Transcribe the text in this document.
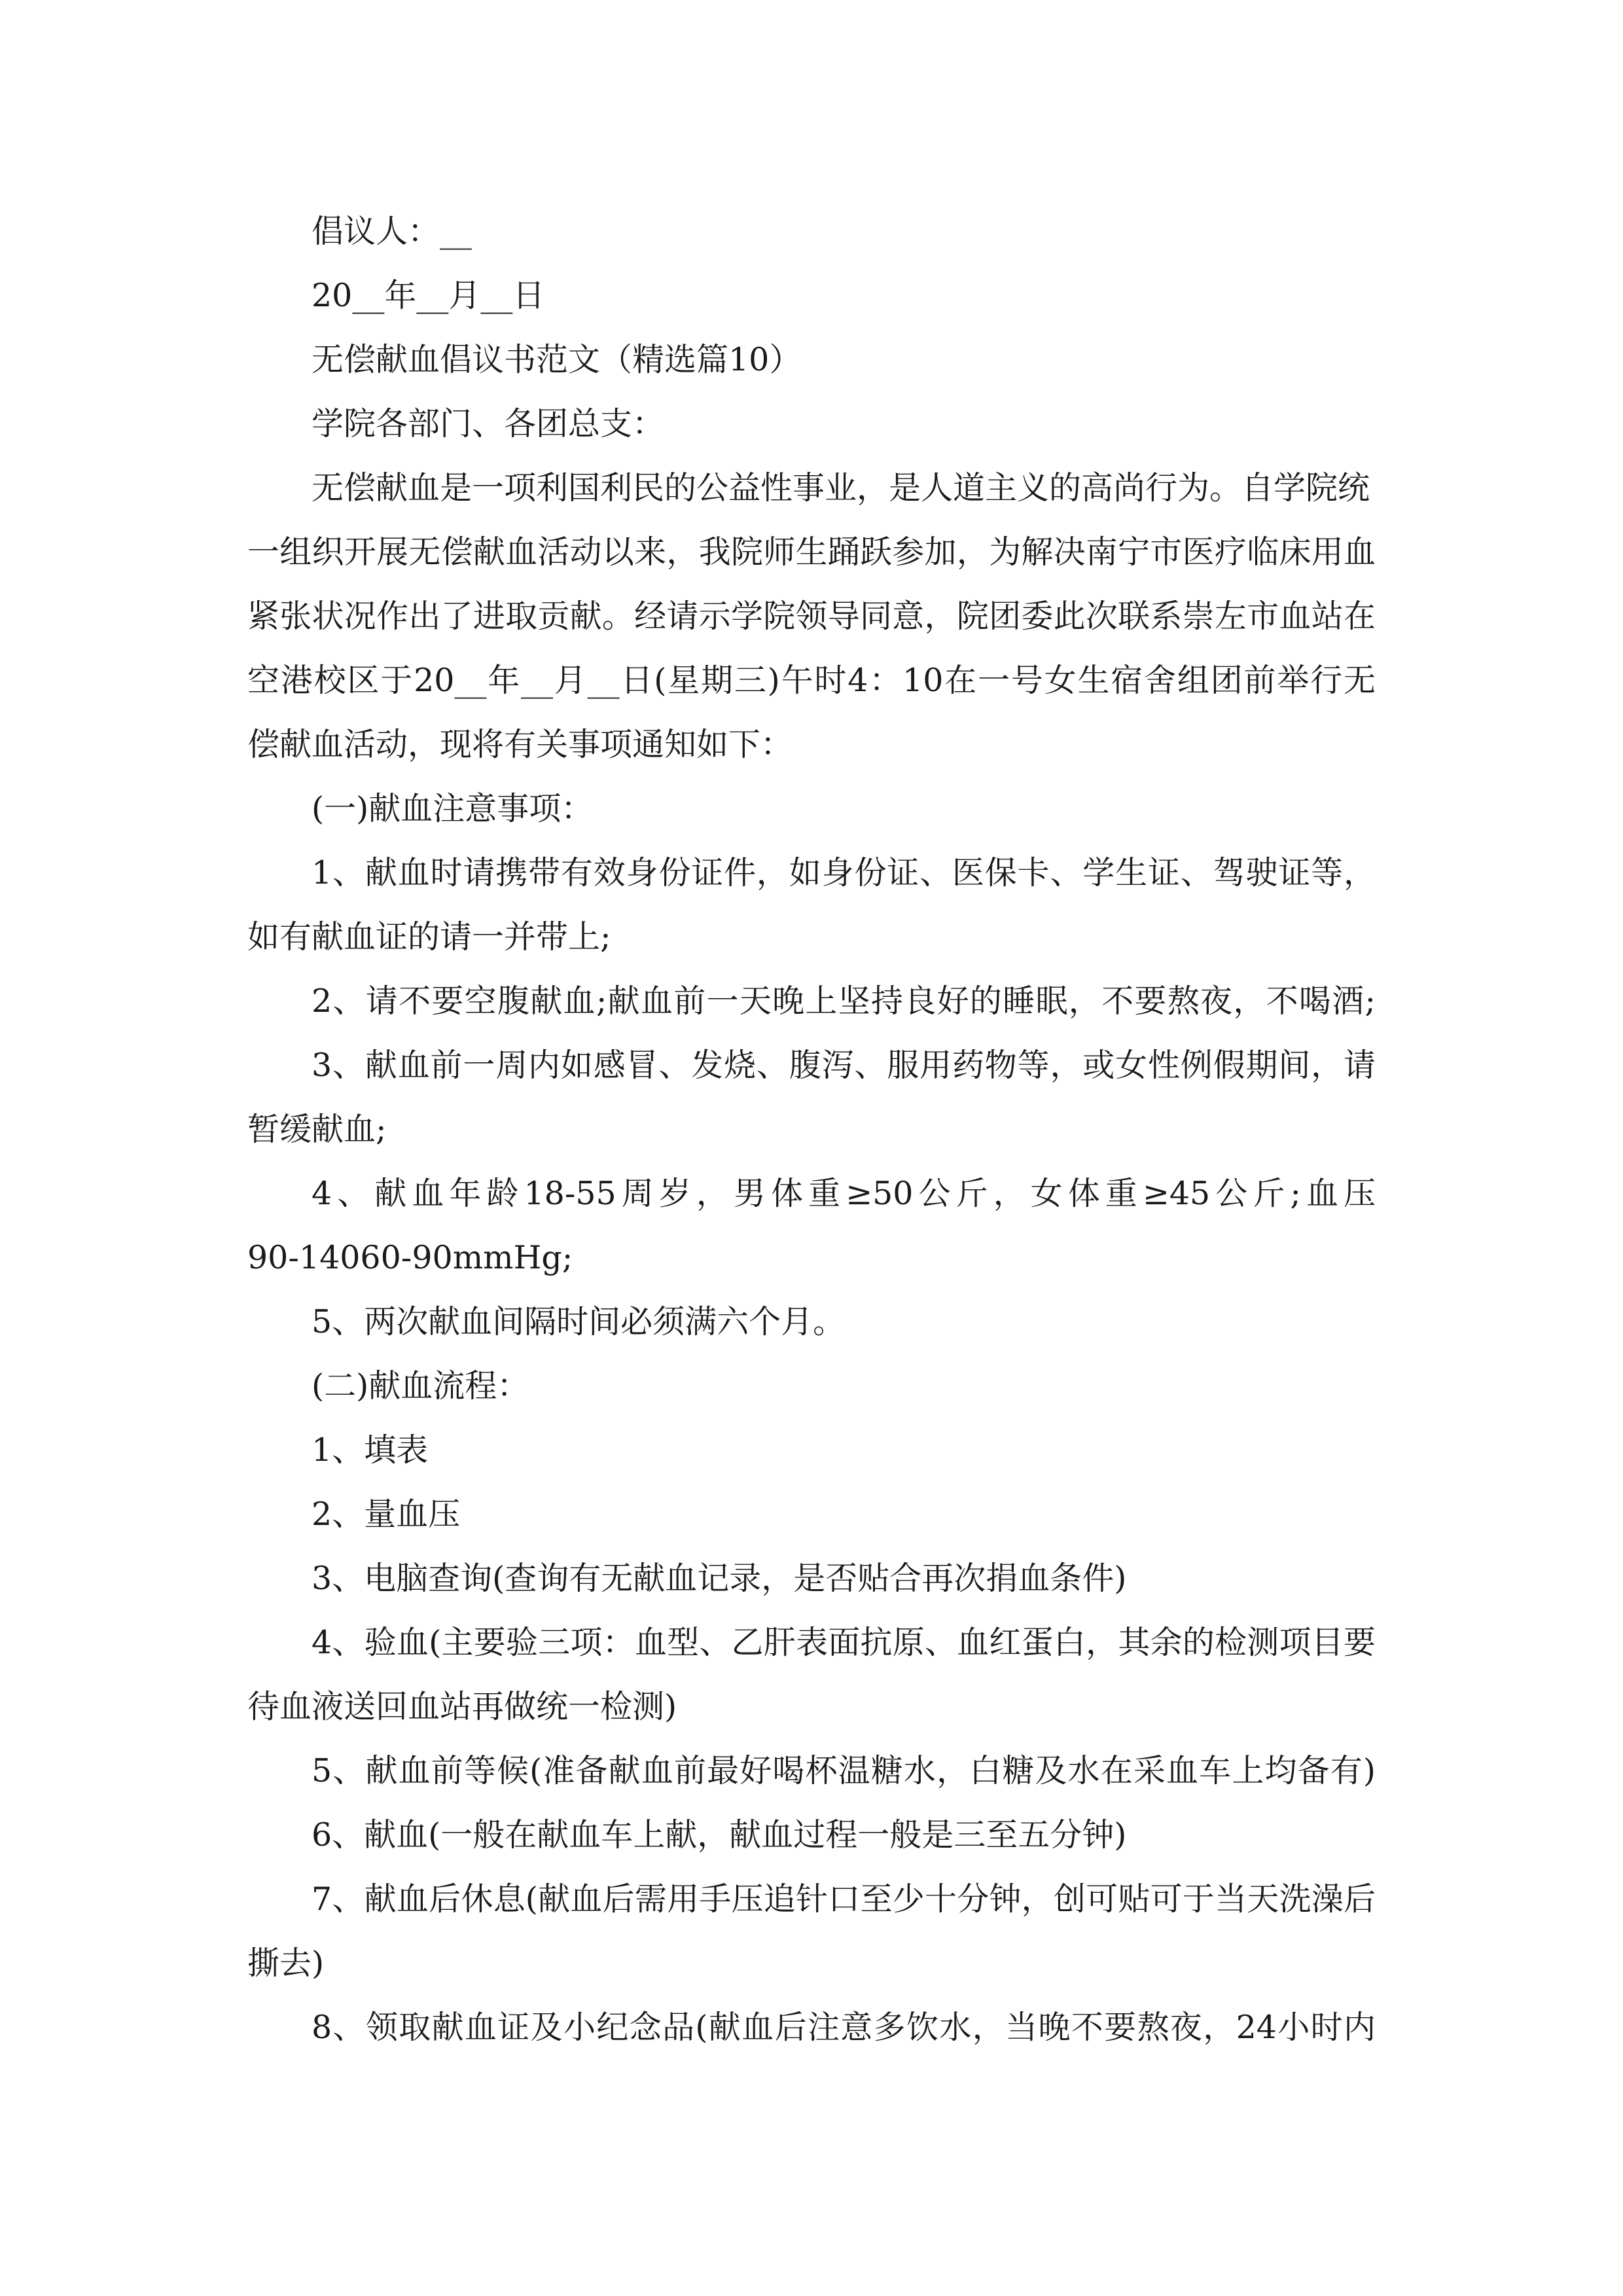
倡议人：__

20__年__月__日

无偿献血倡议书范文（精选篇10）

学院各部门、各团总支：

无偿献血是一项利国利民的公益性事业，是人道主义的高尚行为。自学院统

一组织开展无偿献血活动以来，我院师生踊跃参加，为解决南宁市医疗临床用血

紧张状况作出了进取贡献。经请示学院领导同意，院团委此次联系崇左市血站在

空港校区于20__年__月__日(星期三)午时4：10在一号女生宿舍组团前举行无

偿献血活动，现将有关事项通知如下：

(一)献血注意事项：

1、献血时请携带有效身份证件，如身份证、医保卡、学生证、驾驶证等，

如有献血证的请一并带上;

2、请不要空腹献血;献血前一天晚上坚持良好的睡眠，不要熬夜，不喝酒;

3、献血前一周内如感冒、发烧、腹泻、服用药物等，或女性例假期间，请

暂缓献血;

4、献血年龄18-55周岁，男体重≥50公斤，女体重≥45公斤;血压

90-14060-90mmHg;

5、两次献血间隔时间必须满六个月。

(二)献血流程：

1、填表

2、量血压

3、电脑查询(查询有无献血记录，是否贴合再次捐血条件)

4、验血(主要验三项：血型、乙肝表面抗原、血红蛋白，其余的检测项目要

待血液送回血站再做统一检测)

5、献血前等候(准备献血前最好喝杯温糖水，白糖及水在采血车上均备有)

6、献血(一般在献血车上献，献血过程一般是三至五分钟)

7、献血后休息(献血后需用手压追针口至少十分钟，创可贴可于当天洗澡后

撕去)

8、领取献血证及小纪念品(献血后注意多饮水，当晚不要熬夜，24小时内
